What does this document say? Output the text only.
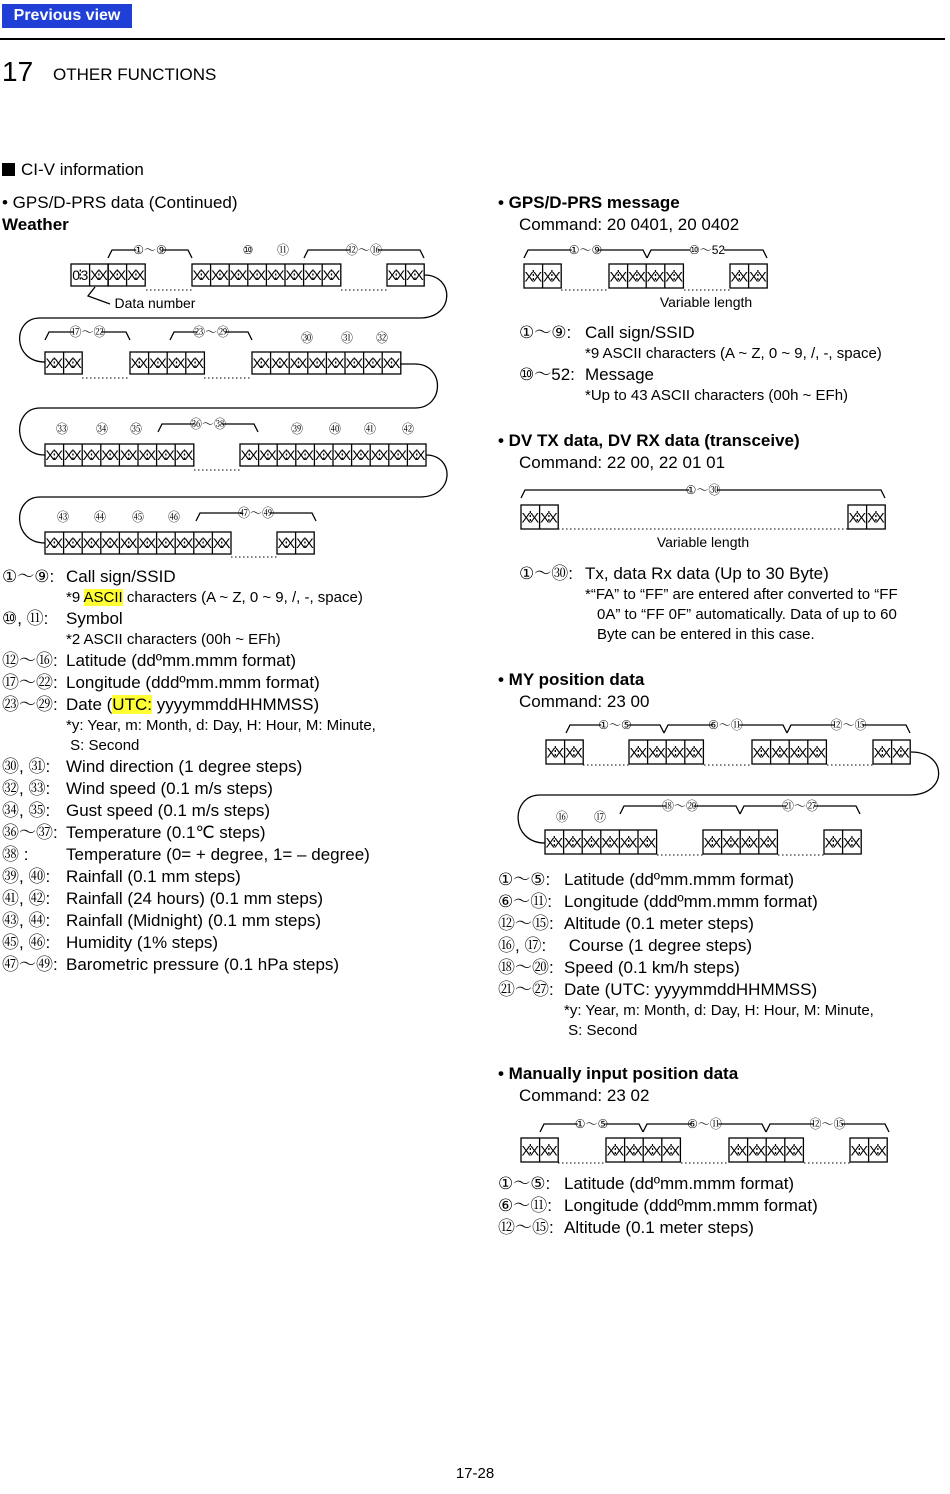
Previous view
17 OTHER FUNCTIONS
CI-V information
• GPS/D-PRS data (Continued)
Weather
0 3 X
X X
X X
X	X
X X
X X
X X
X X
X X
X X
X X
X	X
X X
X
①～⑨	⑩ ⑪	⑫～⑯
Data number
X
X X
X	X
X X
X X
X X
X	X
X X
X X
X X
X X
X X
X X
X X
X
⑰～㉒	㉓～㉙	㉚ ㉛ ㉜
X
X X
X X
X X
X X
X X
X X
X X
X	X
X X
X X
X X
X X
X X
X X
X X
X X
X X
X
㉝ ㉞ ㉟	㊱～㊳	㊴ ㊵ ㊶ ㊷
X
X X
X X
X X
X X
X X
X X
X X
X X
X X
X	X
X X
X
㊸ ㊹ ㊺ ㊻	㊼～㊾
①～⑨: Call sign/SSID
*9 ASCII characters (A ~ Z, 0 ~ 9, /, -, space)
⑩, ⑪:	Symbol
*2 ASCII characters (00h ~ EFh)
⑫～⑯: Latitude (ddºmm.mmm format)
⑰～㉒: Longitude (dddºmm.mmm format)
㉓～㉙: Date (UTC: yyyymmddHHMMSS)
*y: Year, m: Month, d: Day, H: Hour, M: Minute,
S: Second
㉚, ㉛: Wind direction (1 degree steps)
㉜, ㉝: Wind speed (0.1 m/s steps)
㉞, ㉟: Gust speed (0.1 m/s steps)
㊱～㊲: Temperature (0.1℃ steps)
㊳ :	Temperature (0= + degree, 1= – degree)
㊴, ㊵: Rainfall (0.1 mm steps)
㊶, ㊷: Rainfall (24 hours) (0.1 mm steps)
㊸, ㊹: Rainfall (Midnight) (0.1 mm steps)
㊺, ㊻: Humidity (1% steps)
㊼～㊾: Barometric pressure (0.1 hPa steps)
• GPS/D-PRS message
Command: 20 0401, 20 0402
X
X X
X	X
X X
X X
X X
X	X
X X
X
①～⑨	⑩～52
Variable length
①～⑨: Call sign/SSID
*9 ASCII characters (A ~ Z, 0 ~ 9, /, -, space)
⑩～52: Message
*Up to 43 ASCII characters (00h ~ EFh)
• DV TX data, DV RX data (transceive)
Command: 22 00, 22 01 01
X
X X
X	X
X X
X
①～㉚
Variable length
①～㉚: Tx, data Rx data (Up to 30 Byte)
*“FA” to “FF” are entered after converted to “FF
0A” to “FF 0F” automatically. Data of up to 60
Byte can be entered in this case.
• MY position data
Command: 23 00
X
X X
X	X
X X
X X
X X
X	X
X X
X X
X X
X	X
X X
X
①～⑤	⑥～⑪	⑫～⑮
X
X X
X X
X X
X X
X X
X	X
X X
X X
X X
X	X
X X
X
⑯ ⑰
⑱～⑳	㉑～㉗
①～⑤: Latitude (ddºmm.mmm format)
⑥～⑪: Longitude (dddºmm.mmm format)
⑫～⑮: Altitude (0.1 meter steps)
⑯, ⑰:	Course (1 degree steps)
⑱～⑳: Speed (0.1 km/h steps)
㉑～㉗: Date (UTC: yyyymmddHHMMSS)
*y: Year, m: Month, d: Day, H: Hour, M: Minute,
S: Second
• Manually input position data
Command: 23 02
X
X X
X	X
X X
X X
X X
X	X
X X
X X
X X
X	X
X X
X
①～⑤	⑥～⑪	⑫～⑮
①～⑤: Latitude (ddºmm.mmm format)
⑥～⑪: Longitude (dddºmm.mmm format)
⑫～⑮: Altitude (0.1 meter steps)
17-28
